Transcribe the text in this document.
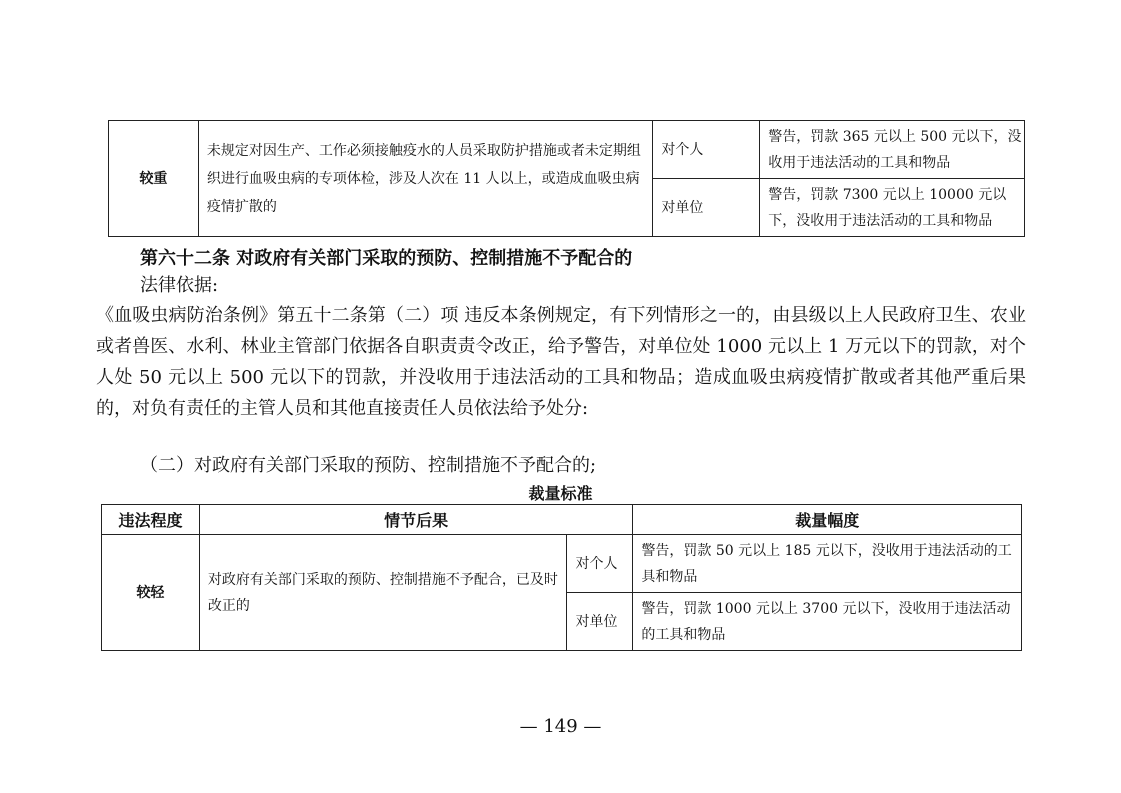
较重	未规定对因生产、工作必须接触疫水的人员采取防护措施或者未定期组织进行血吸虫病的专项体检，涉及人次在 11 人以上，或造成血吸虫病疫情扩散的	对个人	警告，罚款 365 元以上 500 元以下，没收用于违法活动的工具和物品
		对单位	警告，罚款 7300 元以上 10000 元以下，没收用于违法活动的工具和物品
第六十二条 对政府有关部门采取的预防、控制措施不予配合的
法律依据:
《血吸虫病防治条例》第五十二条第（二）项 违反本条例规定，有下列情形之一的，由县级以上人民政府卫生、农业或者兽医、水利、林业主管部门依据各自职责责令改正，给予警告，对单位处 1000 元以上 1 万元以下的罚款，对个人处 50 元以上 500 元以下的罚款，并没收用于违法活动的工具和物品；造成血吸虫病疫情扩散或者其他严重后果的，对负有责任的主管人员和其他直接责任人员依法给予处分:
（二）对政府有关部门采取的预防、控制措施不予配合的;
裁量标准
违法程度	情节后果		裁量幅度
较轻	对政府有关部门采取的预防、控制措施不予配合，已及时改正的	对个人	警告，罚款 50 元以上 185 元以下，没收用于违法活动的工具和物品
		对单位	警告，罚款 1000 元以上 3700 元以下，没收用于违法活动的工具和物品
— 149 —
